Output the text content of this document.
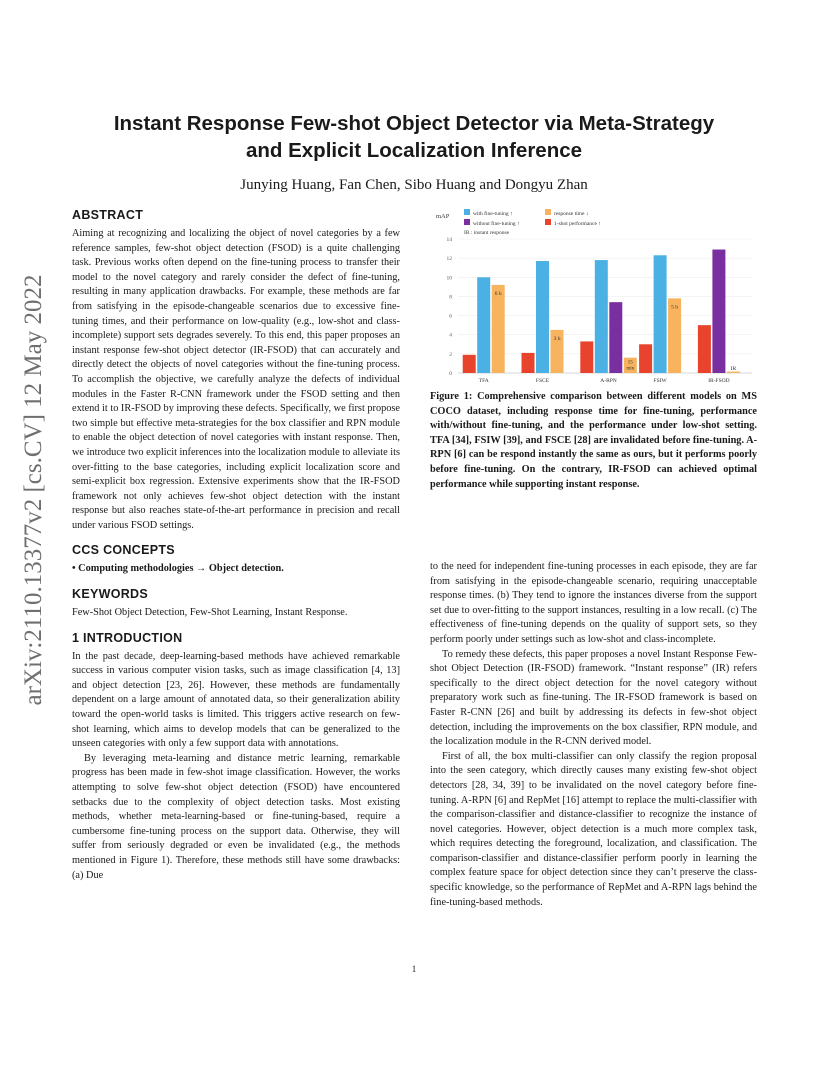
arXiv:2110.13377v2 [cs.CV] 12 May 2022
Instant Response Few-shot Object Detector via Meta-Strategy
and Explicit Localization Inference

Junying Huang, Fan Chen, Sibo Huang and Dongyu Zhan

ABSTRACT

Aiming at recognizing and localizing the object of novel categories by a few reference samples, few-shot object detection (FSOD) is a quite challenging task. Previous works often depend on the fine-tuning process to transfer their model to the novel category and rarely consider the defect of fine-tuning, resulting in many application drawbacks. For example, these methods are far from satisfying in the episode-changeable scenarios due to excessive fine-tuning times, and their performance on low-quality (e.g., low-shot and class-incomplete) support sets degrades severely. To this end, this paper proposes an instant response few-shot object detector (IR-FSOD) that can accurately and directly detect the objects of novel categories without the fine-tuning process. To accomplish the objective, we carefully analyze the defects of individual modules in the Faster R-CNN framework under the FSOD setting and then extend it to IR-FSOD by improving these defects. Specifically, we first propose two simple but effective meta-strategies for the box classifier and RPN module to enable the object detection of novel categories with instant response. Then, we introduce two explicit inferences into the localization module to alleviate its over-fitting to the base categories, including explicit localization score and semi-explicit box regression. Extensive experiments show that the IR-FSOD framework not only achieves few-shot object detection with the instant response but also reaches state-of-the-art performance in precision and recall under various FSOD settings.

CCS CONCEPTS

• Computing methodologies → Object detection.

KEYWORDS

Few-Shot Object Detection, Few-Shot Learning, Instant Response.

1 INTRODUCTION

In the past decade, deep-learning-based methods have achieved remarkable success in various computer vision tasks, such as image classification [4, 13] and object detection [23, 26]. However, these methods are fundamentally dependent on a large amount of annotated data, so their generalization ability toward the open-world tasks is limited. This triggers active research on few-shot learning, which aims to develop models that can be generalized to the unseen categories with only a few support data with annotations.

By leveraging meta-learning and distance metric learning, remarkable progress has been made in few-shot image classification. However, the works attempting to solve few-shot object detection (FSOD) have encountered setbacks due to the complexity of object detection tasks. Most existing methods, whether meta-learning-based or fine-tuning-based, require a cumbersome fine-tuning process on the support data. Otherwise, they will suffer from seriously degraded or even be invalidated (e.g., the methods mentioned in Figure 1). Therefore, these methods still have some drawbacks: (a) Due

mAP
0
2
4
6
8
10
12
14
6 h
3 h
15
min
5 h
IR
TFA	FSCE	A-RPN	FSIW	IR-FSOD
with fine-tuning ↑
without fine-tuning ↑
IR : instant response
response time ↓
1-shot performance ↑

Figure 1: Comprehensive comparison between different models on MS COCO dataset, including response time for fine-tuning, performance with/without fine-tuning, and the performance under low-shot setting. TFA [34], FSIW [39], and FSCE [28] are invalidated before fine-tuning. A-RPN [6] can be respond instantly the same as ours, but it performs poorly before fine-tuning. On the contrary, IR-FSOD can achieved optimal performance while supporting instant response.

to the need for independent fine-tuning processes in each episode, they are far from satisfying in the episode-changeable scenario, requiring unacceptable response times. (b) They tend to ignore the instances diverse from the support set due to over-fitting to the support instances, resulting in a low recall. (c) The effectiveness of fine-tuning depends on the quality of support sets, so they perform poorly under settings such as low-shot and class-incomplete.

To remedy these defects, this paper proposes a novel Instant Response Few-shot Object Detection (IR-FSOD) framework. “Instant response” (IR) refers specifically to the direct object detection for the novel category without preparatory work such as fine-tuning. The IR-FSOD framework is based on Faster R-CNN [26] and built by addressing its defects in few-shot object detection, including the improvements on the box classifier, RPN module, and the localization module in the R-CNN derived model.

First of all, the box multi-classifier can only classify the region proposal into the seen category, which directly causes many existing few-shot object detectors [28, 34, 39] to be invalidated on the novel category before fine-tuning. A-RPN [6] and RepMet [16] attempt to replace the multi-classifier with the comparison-classifier and distance-classifier to recognize the instance of novel categories. However, object detection is a much more complex task, which requires detecting the foreground, localization, and classification. The comparison-classifier and distance-classifier perform poorly in learning the complex feature space for object detection since they can’t preserve the class-specific knowledge, so the performance of RepMet and A-RPN lags behind the fine-tuning-based methods.

1
